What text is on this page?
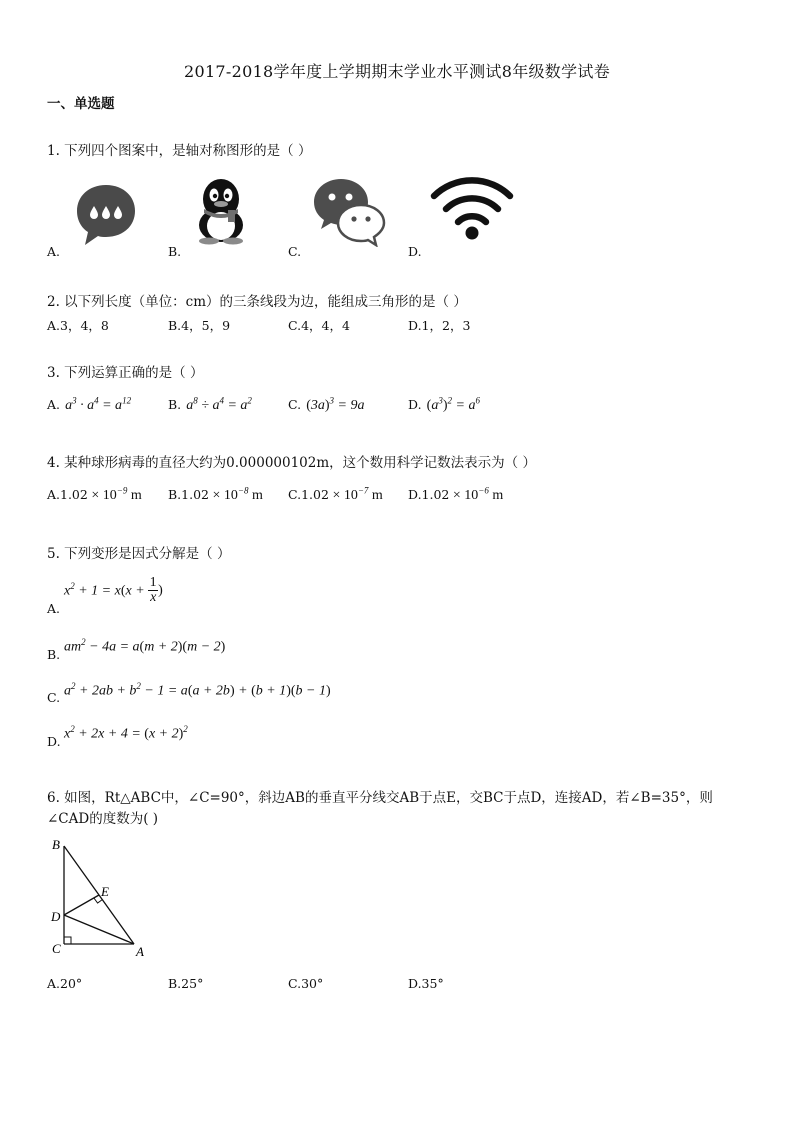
2017-2018学年度上学期期末学业水平测试8年级数学试卷
一、单选题
1. 下列四个图案中，是轴对称图形的是（ ）
A.	B.	C.	D.
2. 以下列长度（单位：cm）的三条线段为边，能组成三角形的是（ ）
A.3，4，8	B.4，5，9	C.4，4，4	D.1，2，3
3. 下列运算正确的是（ ）
A. $a^3 \cdot a^4 = a^{12}$	B. $a^8 \div a^4 = a^2$	C. $(3a)^3 = 9a$	D. $(a^3)^2 = a^6$
4. 某种球形病毒的直径大约为0.000000102m，这个数用科学记数法表示为（ ）
$A.1.02 \times 10^{-9}$ m $B.1.02 \times 10^{-8}$ m $C.1.02 \times 10^{-7}$ m $D.1.02 \times 10^{-6}$ m
5. 下列变形是因式分解是（ ）
A.
$x^2 + 1 = x(x$ +
1
x )
B. $am^2 - 4a = a(m + 2)(m - 2)$
C. $a^2 + 2ab + b^2 - 1 = a(a + 2b) + (b + 1)(b - 1)$
D. $x^2 + 2x + 4 = (x + 2)^2$
6. 如图，Rt△ABC中，∠C=90°，斜边AB的垂直平分线交AB于点E，交BC于点D，连接AD，若∠B=35°，则
∠CAD的度数为( )
B
E
D
C	A
A.20°	B.25°	C.30°	D.35°
